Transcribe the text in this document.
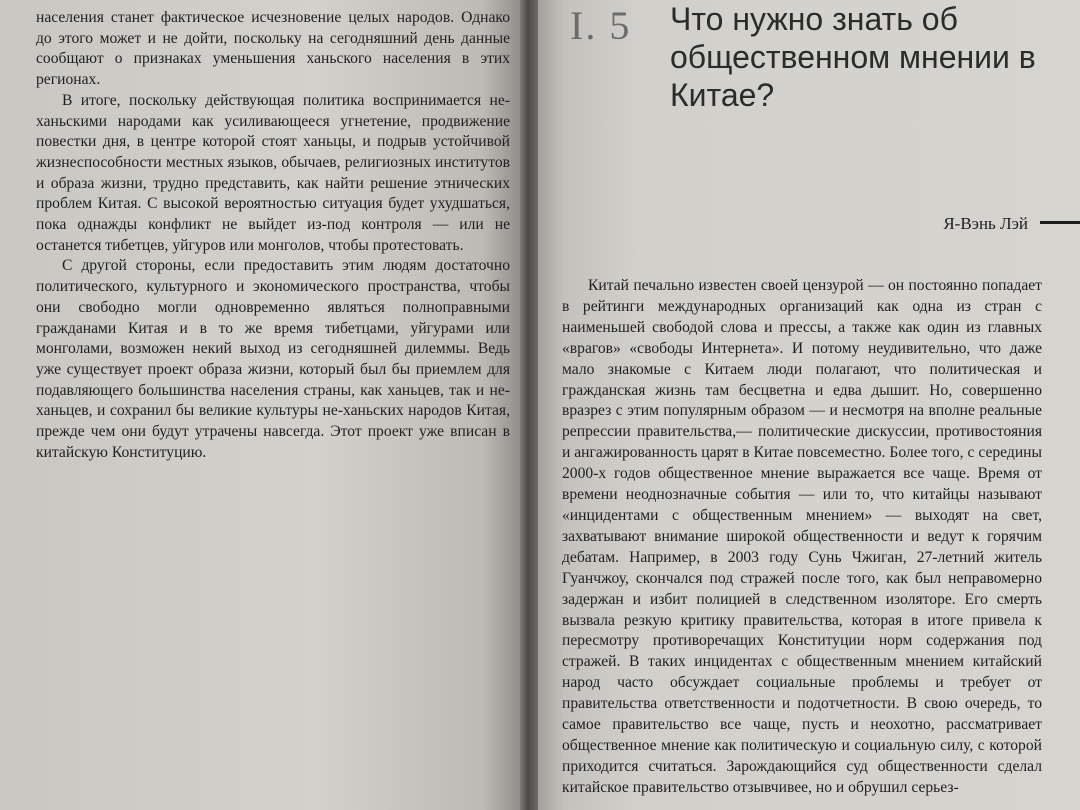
населения станет фактическое исчезновение целых народов. Однако до этого может и не дойти, поскольку на сегодняшний день данные сообщают о признаках уменьшения ханьского населения в этих регионах.

В итоге, поскольку действующая политика воспринимается не-ханьскими народами как усиливающееся угнетение, продвижение повестки дня, в центре которой стоят ханьцы, и подрыв устойчивой жизнеспособности местных языков, обычаев, религиозных институтов и образа жизни, трудно представить, как найти решение этнических проблем Китая. С высокой вероятностью ситуация будет ухудшаться, пока однажды конфликт не выйдет из-под контроля — или не останется тибетцев, уйгуров или монголов, чтобы протестовать.

С другой стороны, если предоставить этим людям достаточно политического, культурного и экономического пространства, чтобы они свободно могли одновременно являться полноправными гражданами Китая и в то же время тибетцами, уйгурами или монголами, возможен некий выход из сегодняшней дилеммы. Ведь уже существует проект образа жизни, который был бы приемлем для подавляющего большинства населения страны, как ханьцев, так и не-ханьцев, и сохранил бы великие культуры не-ханьских народов Китая, прежде чем они будут утрачены навсегда. Этот проект уже вписан в китайскую Конституцию.

I. 5 Что нужно знать об общественном мнении в Китае?
Я-Вэнь Лэй

Китай печально известен своей цензурой — он постоянно попадает в рейтинги международных организаций как одна из стран с наименьшей свободой слова и прессы, а также как один из главных «врагов» «свободы Интернета». И потому неудивительно, что даже мало знакомые с Китаем люди полагают, что политическая и гражданская жизнь там бесцветна и едва дышит. Но, совершенно вразрез с этим популярным образом — и несмотря на вполне реальные репрессии правительства,— политические дискуссии, противостояния и ангажированность царят в Китае повсеместно. Более того, с середины 2000-х годов общественное мнение выражается все чаще. Время от времени неоднозначные события — или то, что китайцы называют «инцидентами с общественным мнением» — выходят на свет, захватывают внимание широкой общественности и ведут к горячим дебатам. Например, в 2003 году Сунь Чжиган, 27-летний житель Гуанчжоу, скончался под стражей после того, как был неправомерно задержан и избит полицией в следственном изоляторе. Его смерть вызвала резкую критику правительства, которая в итоге привела к пересмотру противоречащих Конституции норм содержания под стражей. В таких инцидентах с общественным мнением китайский народ часто обсуждает социальные проблемы и требует от правительства ответственности и подотчетности. В свою очередь, то самое правительство все чаще, пусть и неохотно, рассматривает общественное мнение как политическую и социальную силу, с которой приходится считаться. Зарождающийся суд общественности сделал китайское правительство отзывчивее, но и обрушил серьез-
